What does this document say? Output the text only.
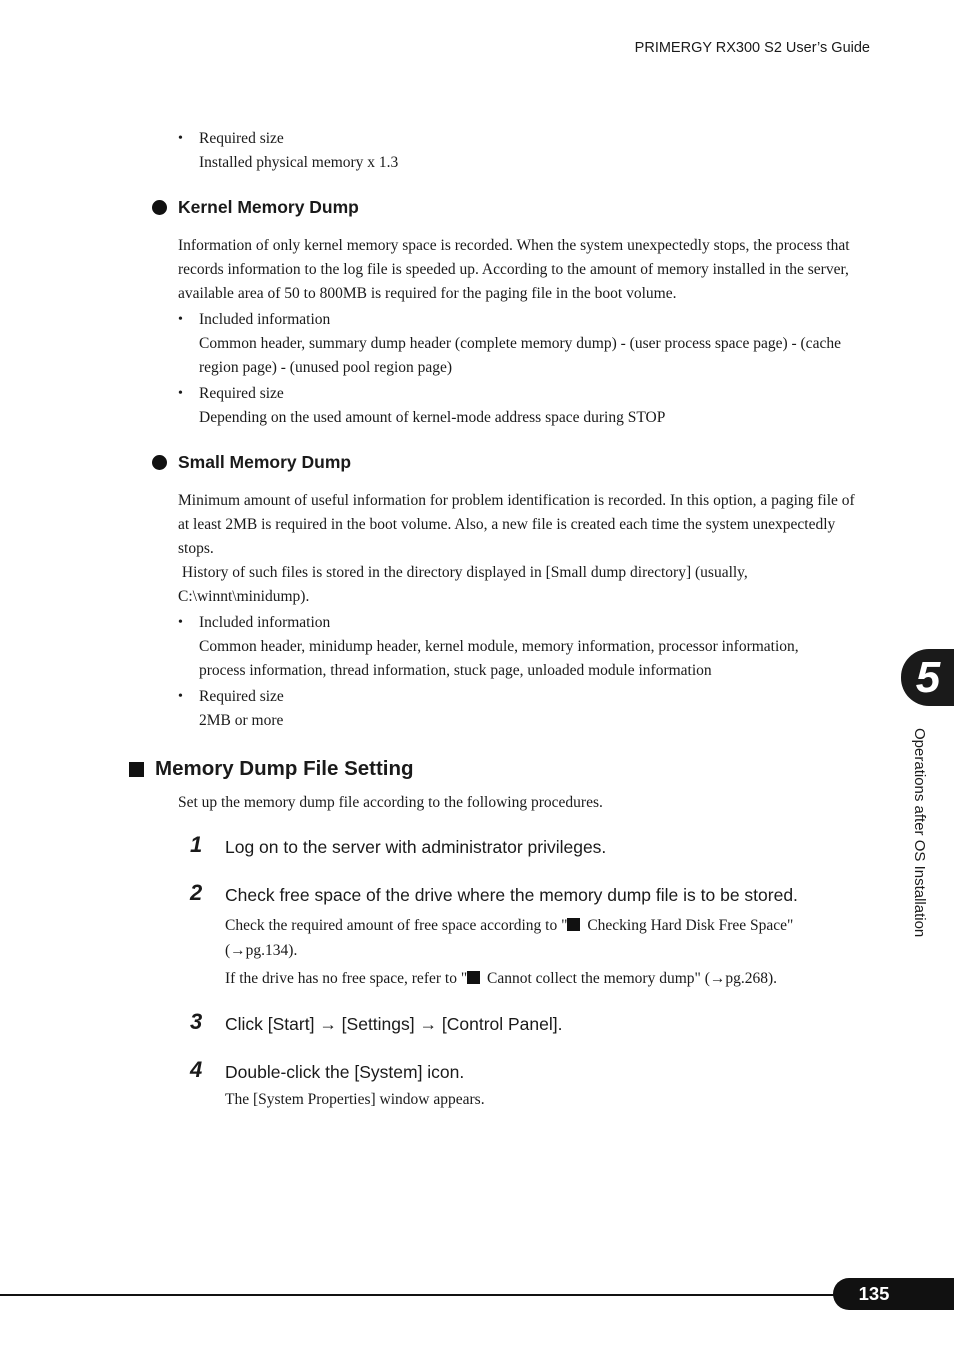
PRIMERGY RX300 S2 User’s Guide
• Required size
Installed physical memory x 1.3
Kernel Memory Dump
Information of only kernel memory space is recorded. When the system unexpectedly stops, the process that records information to the log file is speeded up. According to the amount of memory installed in the server, available area of 50 to 800MB is required for the paging file in the boot volume.
• Included information
Common header, summary dump header (complete memory dump) - (user process space page) - (cache region page) - (unused pool region page)
• Required size
Depending on the used amount of kernel-mode address space during STOP
Small Memory Dump
Minimum amount of useful information for problem identification is recorded. In this option, a paging file of at least 2MB is required in the boot volume. Also, a new file is created each time the system unexpectedly stops.
History of such files is stored in the directory displayed in [Small dump directory] (usually, C:\winnt\minidump).
• Included information
Common header, minidump header, kernel module, memory information, processor information, process information, thread information, stuck page, unloaded module information
• Required size
2MB or more
Memory Dump File Setting
Set up the memory dump file according to the following procedures.
1 Log on to the server with administrator privileges.
2 Check free space of the drive where the memory dump file is to be stored.
Check the required amount of free space according to " Checking Hard Disk Free Space" (→pg.134).
If the drive has no free space, refer to " Cannot collect the memory dump" (→pg.268).
3 Click [Start] → [Settings] → [Control Panel].
4 Double-click the [System] icon.
The [System Properties] window appears.
5
Operations after OS Installation
135
